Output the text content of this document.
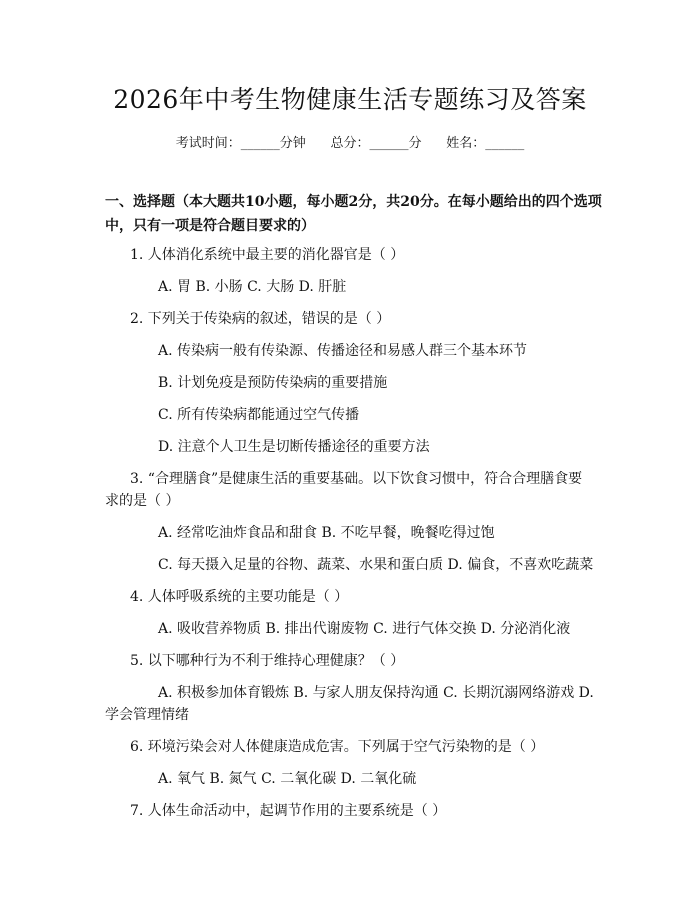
2026年中考生物健康生活专题练习及答案
考试时间：______分钟      总分：______分      姓名：______
一、选择题（本大题共10小题，每小题2分，共20分。在每小题给出的四个选项中，只有一项是符合题目要求的）
1. 人体消化系统中最主要的消化器官是（ ）
A. 胃 B. 小肠 C. 大肠 D. 肝脏
2. 下列关于传染病的叙述，错误的是（ ）
A. 传染病一般有传染源、传播途径和易感人群三个基本环节
B. 计划免疫是预防传染病的重要措施
C. 所有传染病都能通过空气传播
D. 注意个人卫生是切断传播途径的重要方法
3. “合理膳食”是健康生活的重要基础。以下饮食习惯中，符合合理膳食要
求的是（ ）
A. 经常吃油炸食品和甜食 B. 不吃早餐，晚餐吃得过饱
C. 每天摄入足量的谷物、蔬菜、水果和蛋白质 D. 偏食，不喜欢吃蔬菜
4. 人体呼吸系统的主要功能是（ ）
A. 吸收营养物质 B. 排出代谢废物 C. 进行气体交换 D. 分泌消化液
5. 以下哪种行为不利于维持心理健康？（ ）
A. 积极参加体育锻炼 B. 与家人朋友保持沟通 C. 长期沉溺网络游戏 D.
学会管理情绪
6. 环境污染会对人体健康造成危害。下列属于空气污染物的是（ ）
A. 氧气 B. 氮气 C. 二氧化碳 D. 二氧化硫
7. 人体生命活动中，起调节作用的主要系统是（ ）
